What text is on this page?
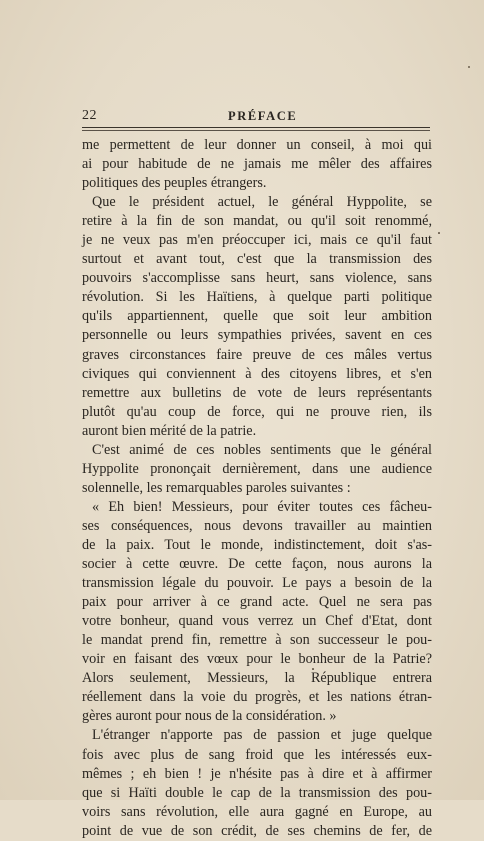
22	PRÉFACE
me permettent de leur donner un conseil, à moi qui
ai pour habitude de ne jamais me mêler des affaires
politiques des peuples étrangers.
Que le président actuel, le général Hyppolite, se
retire à la fin de son mandat, ou qu'il soit renommé,
je ne veux pas m'en préoccuper ici, mais ce qu'il faut
surtout et avant tout, c'est que la transmission des
pouvoirs s'accomplisse sans heurt, sans violence, sans
révolution. Si les Haïtiens, à quelque parti politique
qu'ils appartiennent, quelle que soit leur ambition
personnelle ou leurs sympathies privées, savent en ces
graves circonstances faire preuve de ces mâles vertus
civiques qui conviennent à des citoyens libres, et s'en
remettre aux bulletins de vote de leurs représentants
plutôt qu'au coup de force, qui ne prouve rien, ils
auront bien mérité de la patrie.
C'est animé de ces nobles sentiments que le général
Hyppolite prononçait dernièrement, dans une audience
solennelle, les remarquables paroles suivantes :
« Eh bien! Messieurs, pour éviter toutes ces fâcheu-
ses conséquences, nous devons travailler au maintien
de la paix. Tout le monde, indistinctement, doit s'as-
socier à cette œuvre. De cette façon, nous aurons la
transmission légale du pouvoir. Le pays a besoin de la
paix pour arriver à ce grand acte. Quel ne sera pas
votre bonheur, quand vous verrez un Chef d'Etat, dont
le mandat prend fin, remettre à son successeur le pou-
voir en faisant des vœux pour le bonheur de la Patrie?
Alors seulement, Messieurs, la République entrera
réellement dans la voie du progrès, et les nations étran-
gères auront pour nous de la considération. »
L'étranger n'apporte pas de passion et juge quelque
fois avec plus de sang froid que les intéressés eux-
mêmes ; eh bien ! je n'hésite pas à dire et à affirmer
que si Haïti double le cap de la transmission des pou-
voirs sans révolution, elle aura gagné en Europe, au
point de vue de son crédit, de ses chemins de fer, de
